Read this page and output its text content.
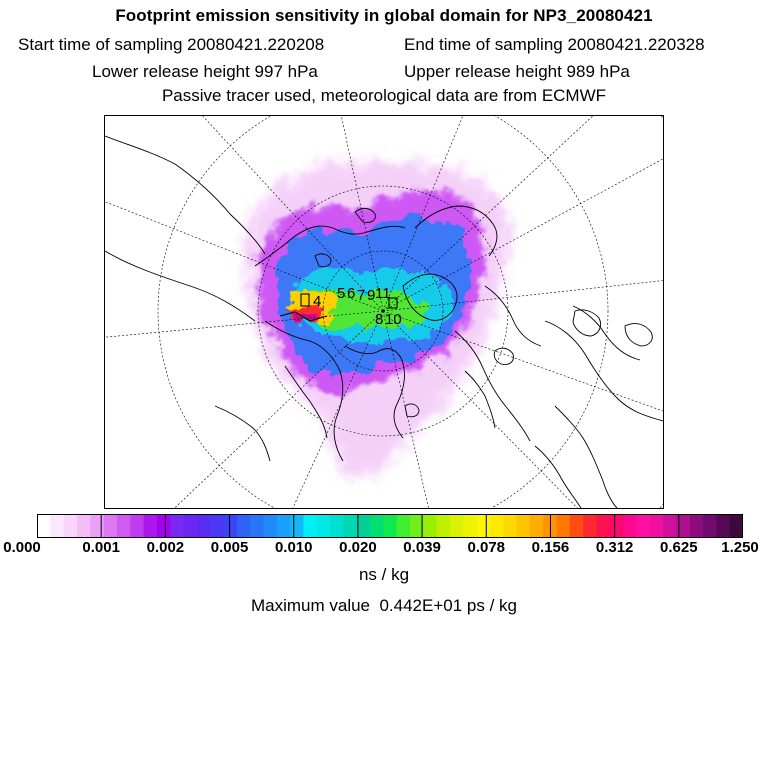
Footprint emission sensitivity in global domain for NP3_20080421
Start time of sampling 20080421.220208	End time of sampling 20080421.220328
Lower release height 997 hPa	Upper release height 989 hPa
Passive tracer used, meteorological data are from ECMWF
4 5 6 7
8
9
10
11
0.000	0.001 0.002 0.005 0.010 0.020 0.039 0.078 0.156 0.312 0.625 1.250
ns / kg
Maximum value 0.442E+01 ps / kg
